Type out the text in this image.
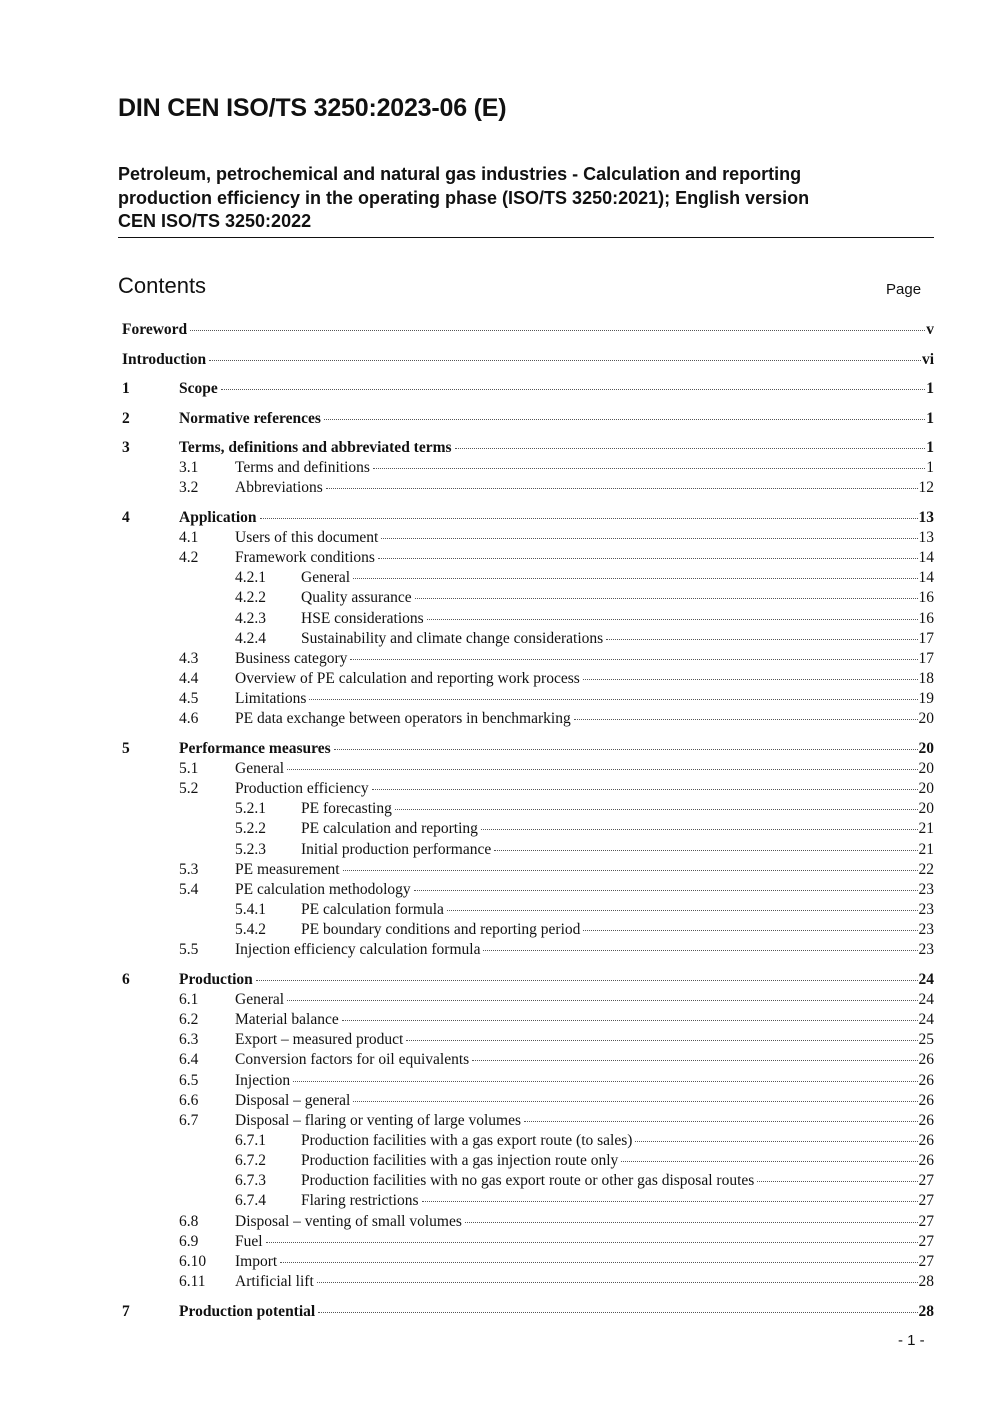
DIN CEN ISO/TS 3250:2023-06 (E)
Petroleum, petrochemical and natural gas industries - Calculation and reporting
production efficiency in the operating phase (ISO/TS 3250:2021); English version
CEN ISO/TS 3250:2022
Contents	Page
Foreword	v
Introduction	vi
1	Scope	1
2	Normative references	1
3	Terms, definitions and abbreviated terms	1
3.1 Terms and definitions	1
3.2 Abbreviations	12
4	Application	13
4.1 Users of this document	13
4.2 Framework conditions	14
4.2.1 General	14
4.2.2 Quality assurance	16
4.2.3 HSE considerations	16
4.2.4 Sustainability and climate change considerations	17
4.3 Business category	17
4.4 Overview of PE calculation and reporting work process	18
4.5 Limitations	19
4.6 PE data exchange between operators in benchmarking	20
5	Performance measures	20
5.1 General	20
5.2 Production efficiency	20
5.2.1 PE forecasting	20
5.2.2 PE calculation and reporting	21
5.2.3 Initial production performance	21
5.3 PE measurement	22
5.4 PE calculation methodology	23
5.4.1 PE calculation formula	23
5.4.2 PE boundary conditions and reporting period	23
5.5 Injection efficiency calculation formula	23
6	Production	24
6.1 General	24
6.2 Material balance	24
6.3 Export – measured product	25
6.4 Conversion factors for oil equivalents	26
6.5 Injection	26
6.6 Disposal – general	26
6.7 Disposal – flaring or venting of large volumes	26
6.7.1 Production facilities with a gas export route (to sales)	26
6.7.2 Production facilities with a gas injection route only	26
6.7.3 Production facilities with no gas export route or other gas disposal routes	27
6.7.4 Flaring restrictions	27
6.8 Disposal – venting of small volumes	27
6.9 Fuel	27
6.10 Import	27
6.11 Artificial lift	28
7	Production potential	28
- 1 -
